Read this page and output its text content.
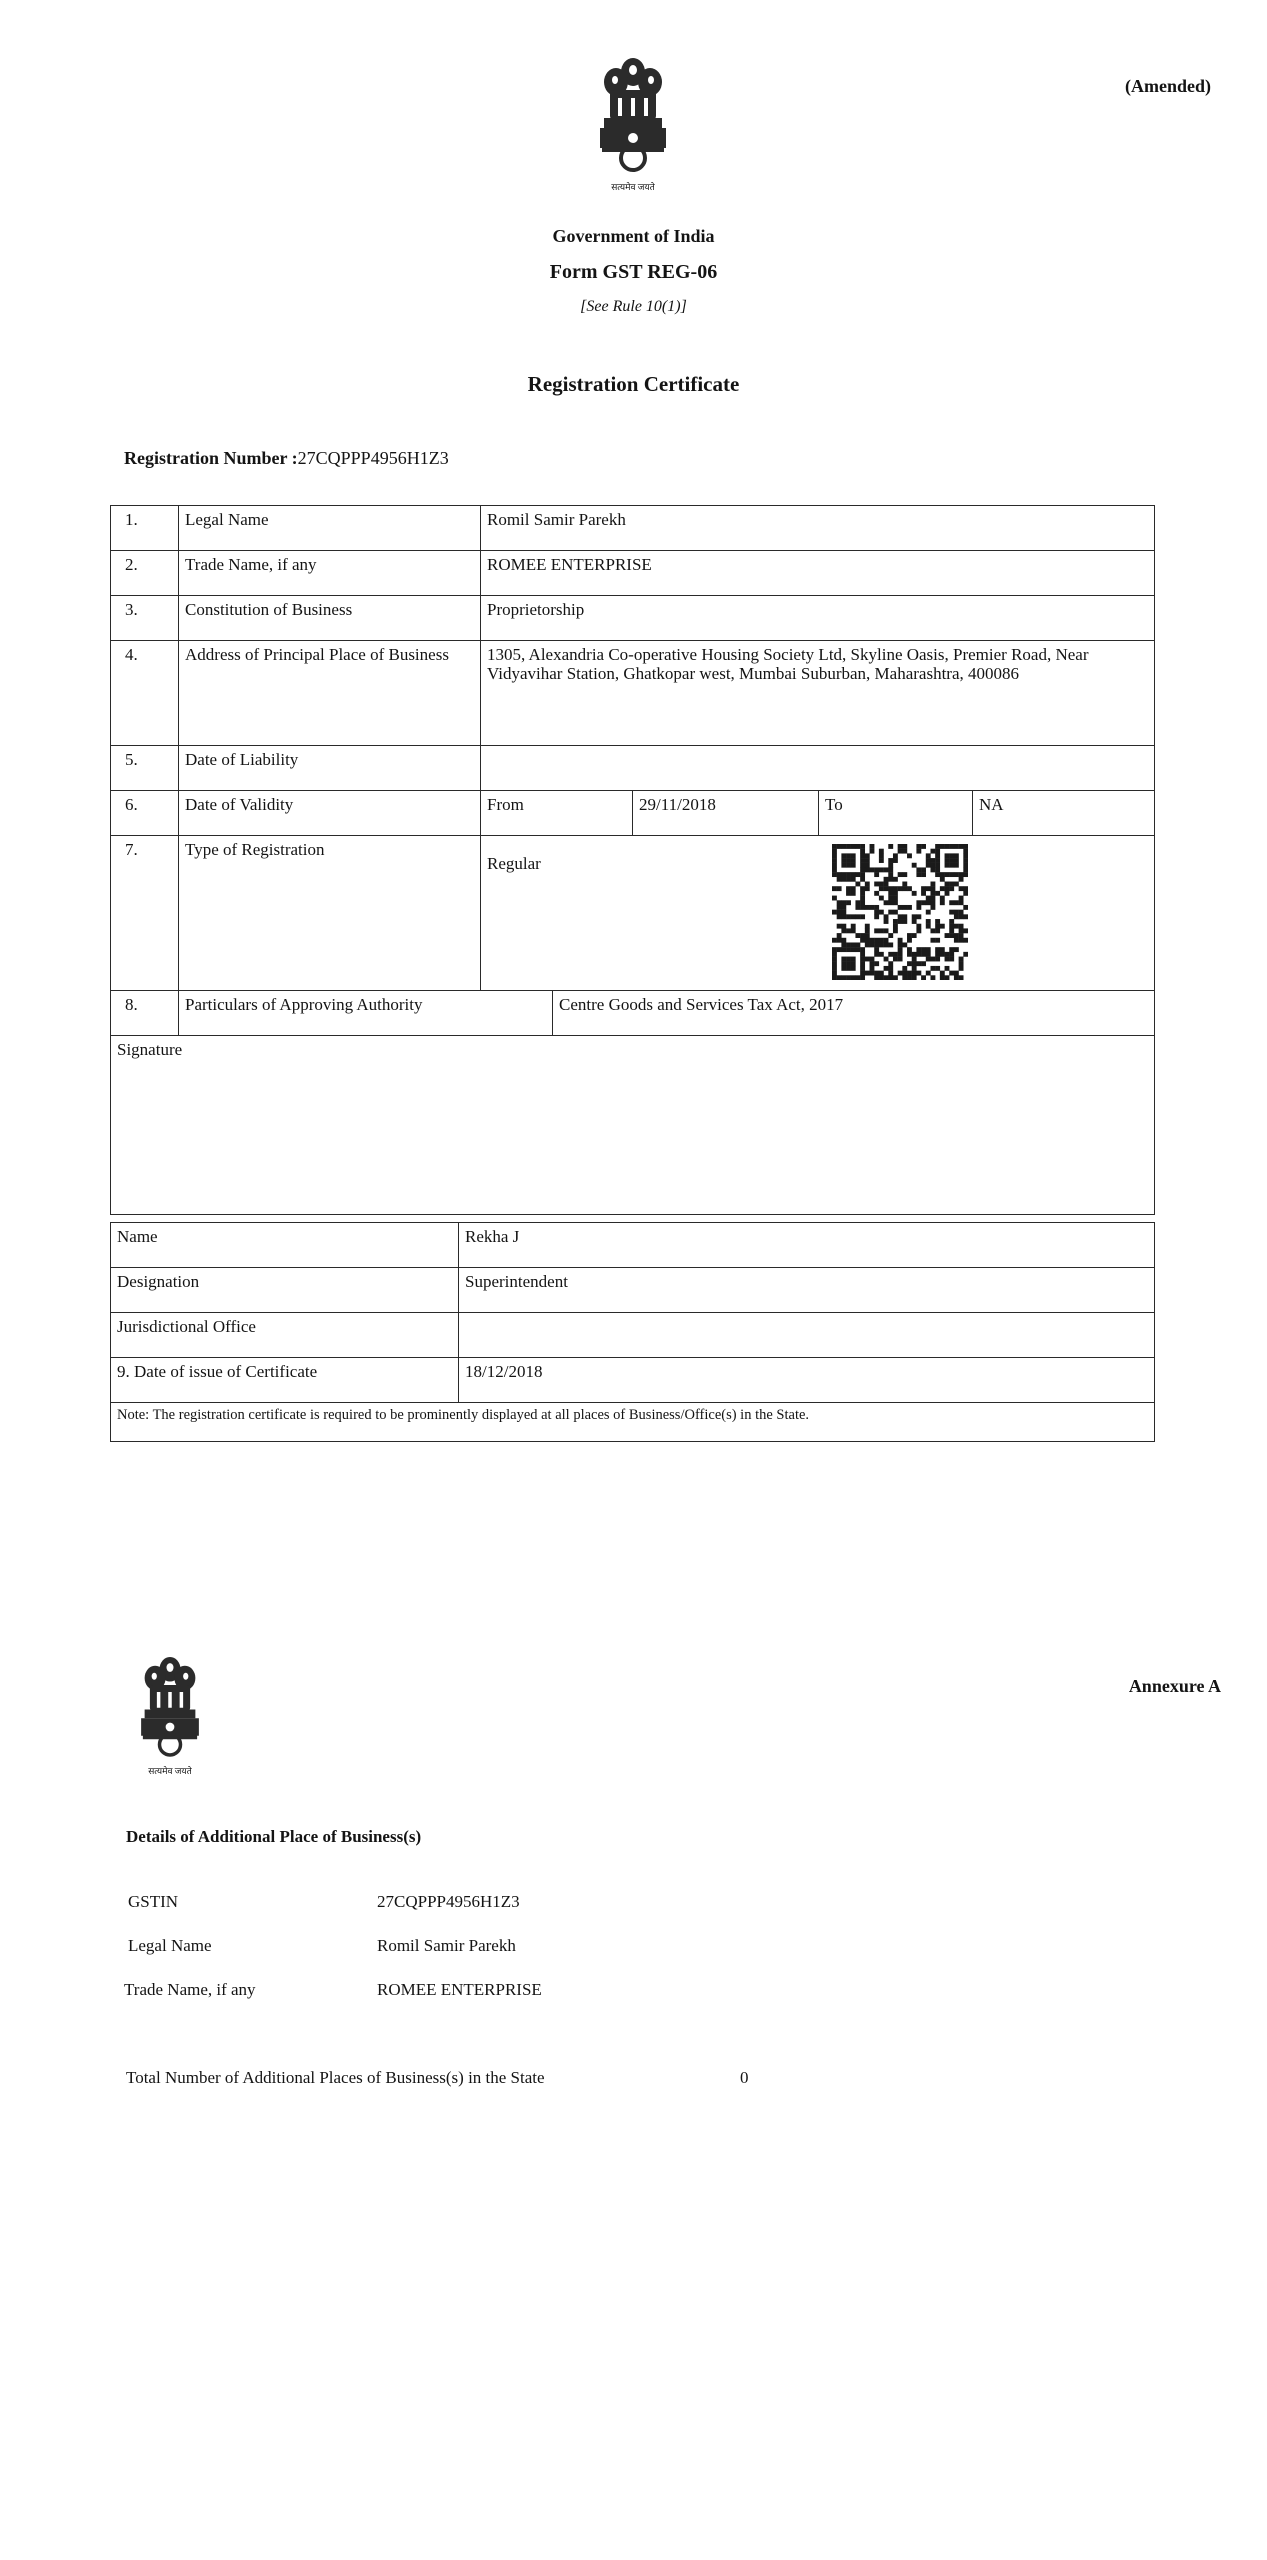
सत्यमेव जयते
(Amended)
Government of India
Form GST REG-06
[See Rule 10(1)]
Registration Certificate
Registration Number :27CQPPP4956H1Z3
1.	Legal Name	Romil Samir Parekh				
2.	Trade Name, if any	ROMEE ENTERPRISE				
3.	Constitution of Business	Proprietorship				
4.	Address of Principal Place of Business	1305, Alexandria Co-operative Housing Society Ltd, Skyline Oasis, Premier Road, Near Vidyavihar Station, Ghatkopar west, Mumbai Suburban, Maharashtra, 400086				
5.	Date of Liability					
6.	Date of Validity	From		29/11/2018	To	NA
7.	Type of Registration	Regular				

8.	Particulars of Approving Authority		Centre Goods and Services Tax Act, 2017			
Signature						
Name	Rekha J
Designation	Superintendent
Jurisdictional Office	
9. Date of issue of Certificate	18/12/2018
Note: The registration certificate is required to be prominently displayed at all places of Business/Office(s) in the State.	
सत्यमेव जयते
Annexure A
Details of Additional Place of Business(s)
GSTIN	27CQPPP4956H1Z3
Legal Name	Romil Samir Parekh
Trade Name, if any	ROMEE ENTERPRISE
Total Number of Additional Places of Business(s) in the State	0
